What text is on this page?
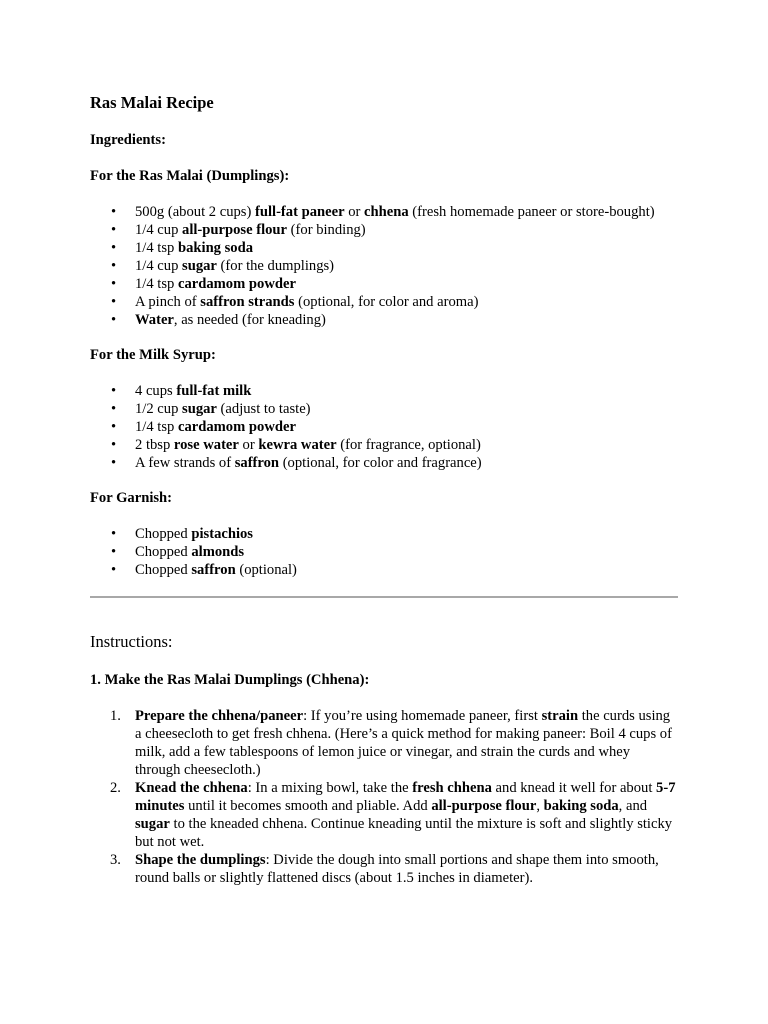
Ras Malai Recipe

Ingredients:

For the Ras Malai (Dumplings):

• 500g (about 2 cups) full-fat paneer or chhena (fresh homemade paneer or store-bought)
• 1/4 cup all-purpose flour (for binding)
• 1/4 tsp baking soda
• 1/4 cup sugar (for the dumplings)
• 1/4 tsp cardamom powder
• A pinch of saffron strands (optional, for color and aroma)
• Water, as needed (for kneading)

For the Milk Syrup:

• 4 cups full-fat milk
• 1/2 cup sugar (adjust to taste)
• 1/4 tsp cardamom powder
• 2 tbsp rose water or kewra water (for fragrance, optional)
• A few strands of saffron (optional, for color and fragrance)

For Garnish:

• Chopped pistachios
• Chopped almonds
• Chopped saffron (optional)
Instructions:

1. Make the Ras Malai Dumplings (Chhena):

1. Prepare the chhena/paneer: If you’re using homemade paneer, first strain the curds using a cheesecloth to get fresh chhena. (Here’s a quick method for making paneer: Boil 4 cups of milk, add a few tablespoons of lemon juice or vinegar, and strain the curds and whey through cheesecloth.)
2. Knead the chhena: In a mixing bowl, take the fresh chhena and knead it well for about 5-7 minutes until it becomes smooth and pliable. Add all-purpose flour, baking soda, and sugar to the kneaded chhena. Continue kneading until the mixture is soft and slightly sticky but not wet.
3. Shape the dumplings: Divide the dough into small portions and shape them into smooth, round balls or slightly flattened discs (about 1.5 inches in diameter).
